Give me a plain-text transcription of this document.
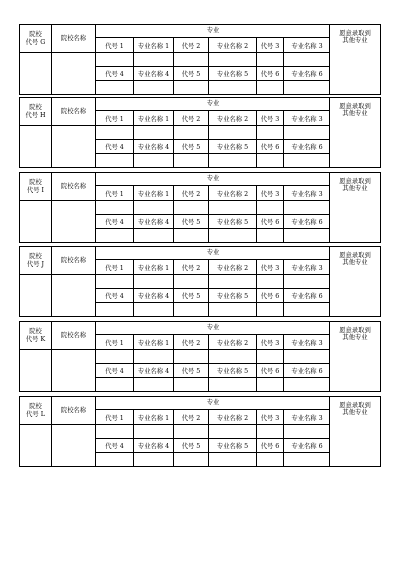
院校
代号 G
院校名称
专业
代号 1	专业名称 1	代号 2	专业名称 2	代号 3	专业名称 3
代号 4	专业名称 4	代号 5	专业名称 5	代号 6	专业名称 6
愿意录取到
其他专业
院校
代号 H
院校名称
专业
代号 1	专业名称 1	代号 2	专业名称 2	代号 3	专业名称 3
代号 4	专业名称 4	代号 5	专业名称 5	代号 6	专业名称 6
愿意录取到
其他专业
院校
代号 I
院校名称
专业
代号 1	专业名称 1	代号 2	专业名称 2	代号 3	专业名称 3
代号 4	专业名称 4	代号 5	专业名称 5	代号 6	专业名称 6
愿意录取到
其他专业
院校
代号 J
院校名称
专业
代号 1	专业名称 1	代号 2	专业名称 2	代号 3	专业名称 3
代号 4	专业名称 4	代号 5	专业名称 5	代号 6	专业名称 6
愿意录取到
其他专业
院校
代号 K
院校名称
专业
代号 1	专业名称 1	代号 2	专业名称 2	代号 3	专业名称 3
代号 4	专业名称 4	代号 5	专业名称 5	代号 6	专业名称 6
愿意录取到
其他专业
院校
代号 L
院校名称
专业
代号 1	专业名称 1	代号 2	专业名称 2	代号 3	专业名称 3
代号 4	专业名称 4	代号 5	专业名称 5	代号 6	专业名称 6
愿意录取到
其他专业
